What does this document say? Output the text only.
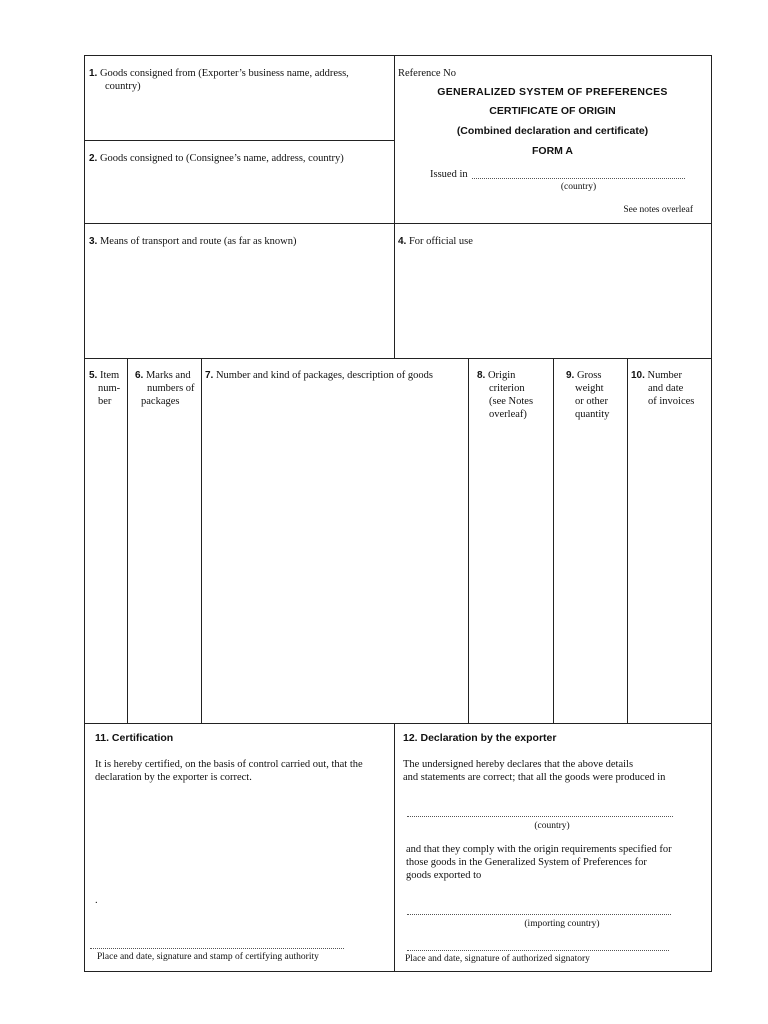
1. Goods consigned from (Exporter’s business name, address,
country)
2. Goods consigned to (Consignee’s name, address, country)
Reference No
GENERALIZED SYSTEM OF PREFERENCES
CERTIFICATE OF ORIGIN
(Combined declaration and certificate)
FORM A
Issued in
(country)
See notes overleaf
3. Means of transport and route (as far as known)	4. For official use
5. Item
num-
ber
6. Marks and
numbers of
packages
7. Number and kind of packages, description of goods	8. Origin
criterion
(see Notes
overleaf)
9. Gross
weight
or other
quantity
10. Number
and date
of invoices
11. Certification
It is hereby certified, on the basis of control carried out, that the
declaration by the exporter is correct.
.
Place and date, signature and stamp of certifying authority
12. Declaration by the exporter
The undersigned hereby declares that the above details
and statements are correct; that all the goods were produced in
(country)
and that they comply with the origin requirements specified for
those goods in the Generalized System of Preferences for
goods exported to
(importing country)
Place and date, signature of authorized signatory
